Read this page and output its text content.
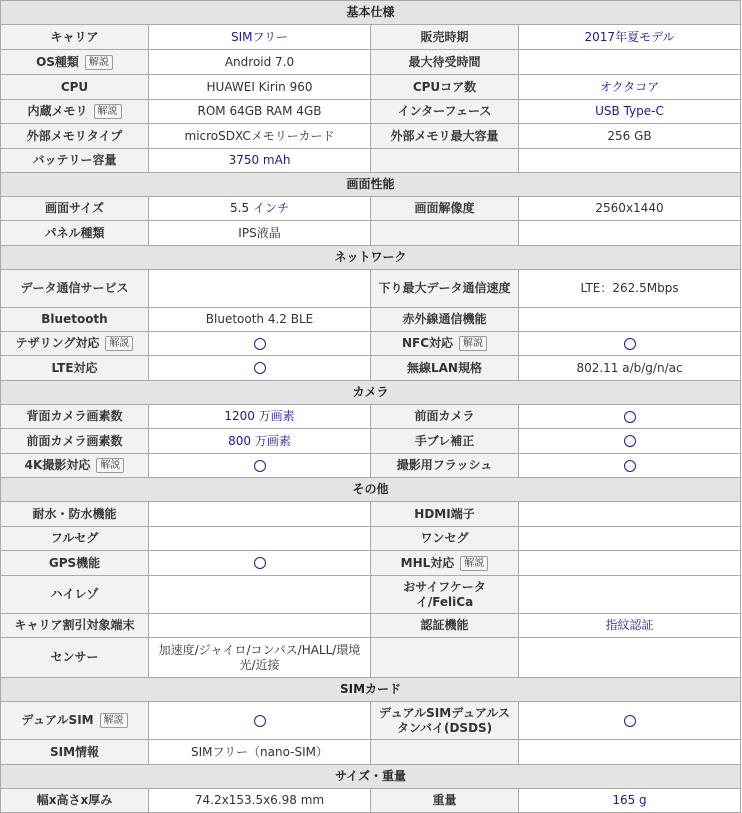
基本仕様			
キャリア	SIMフリー	販売時期	2017年夏モデル
OS種類 解説	Android 7.0	最大待受時間	
CPU	HUAWEI Kirin 960	CPUコア数	オクタコア
内蔵メモリ 解説	ROM 64GB RAM 4GB	インターフェース	USB Type-C
外部メモリタイプ	microSDXCメモリーカード	外部メモリ最大容量	256 GB
バッテリー容量	3750 mAh		
画面性能			
画面サイズ	5.5 インチ	画面解像度	2560x1440
パネル種類	IPS液晶		
ネットワーク			
データ通信サービス		下り最大データ通信速度	LTE：262.5Mbps
Bluetooth	Bluetooth 4.2 BLE	赤外線通信機能	
テザリング対応 解説		NFC対応 解説	
LTE対応		無線LAN規格	802.11 a/b/g/n/ac
カメラ			
背面カメラ画素数	1200 万画素	前面カメラ	
前面カメラ画素数	800 万画素	手ブレ補正	
4K撮影対応 解説		撮影用フラッシュ	
その他			
耐水・防水機能		HDMI端子	
フルセグ		ワンセグ	
GPS機能		MHL対応 解説	
ハイレゾ		おサイフケータイ/FeliCa	
キャリア割引対象端末		認証機能	指紋認証
センサー	加速度/ジャイロ/コンパス/HALL/環境光/近接		
SIMカード			
デュアルSIM 解説		デュアルSIMデュアルスタンバイ(DSDS)	
SIM情報	SIMフリー（nano-SIM）		
サイズ・重量			
幅x高さx厚み	74.2x153.5x6.98 mm	重量	165 g
